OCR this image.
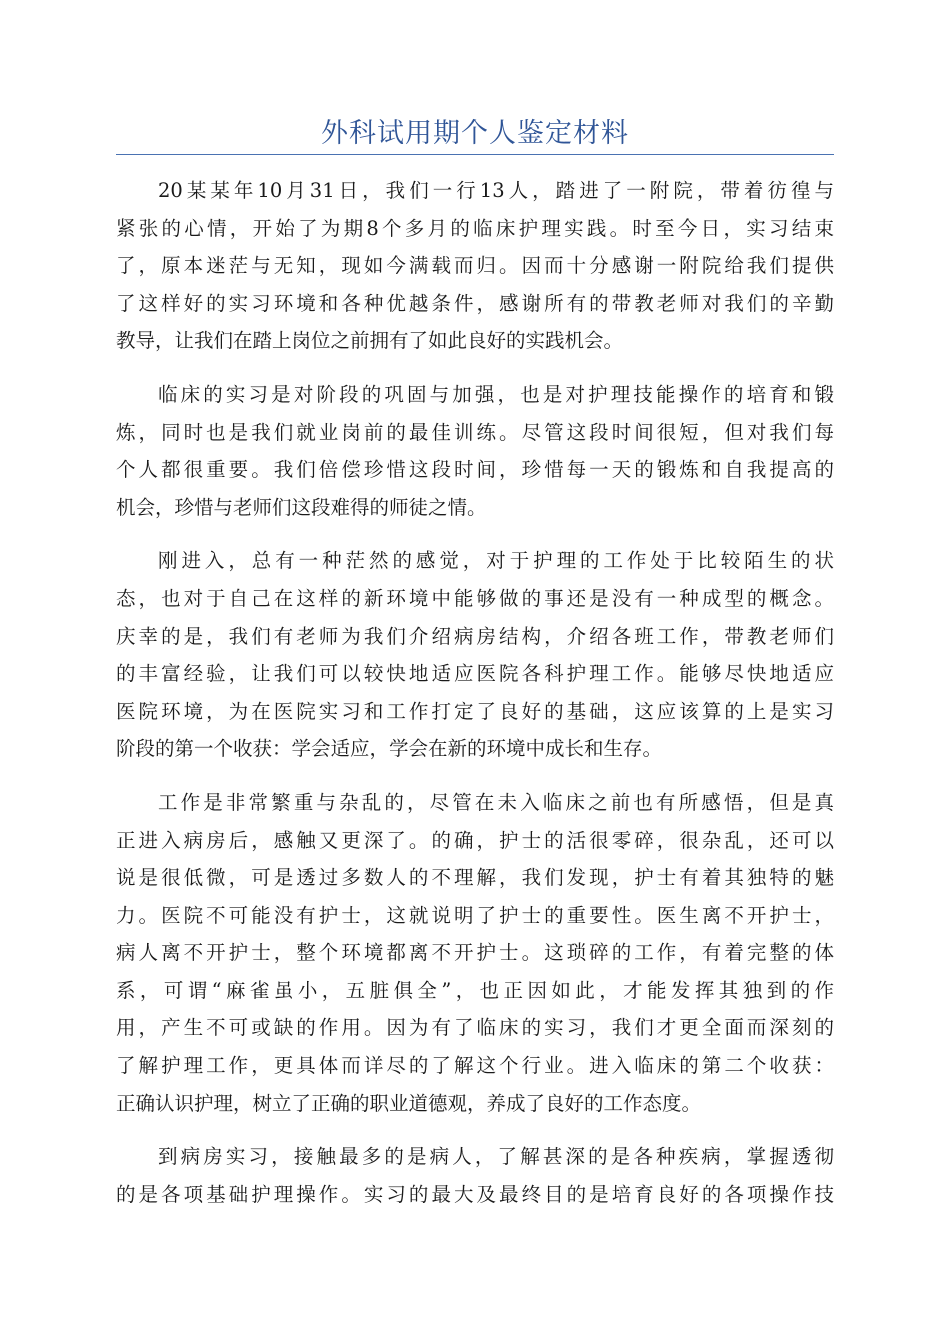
外科试用期个人鉴定材料
20某某年10月31日，我们一行13人，踏进了一附院，带着彷徨与
紧张的心情，开始了为期8个多月的临床护理实践。时至今日，实习结束
了，原本迷茫与无知，现如今满载而归。因而十分感谢一附院给我们提供
了这样好的实习环境和各种优越条件，感谢所有的带教老师对我们的辛勤
教导，让我们在踏上岗位之前拥有了如此良好的实践机会。
临床的实习是对阶段的巩固与加强，也是对护理技能操作的培育和锻
炼，同时也是我们就业岗前的最佳训练。尽管这段时间很短，但对我们每
个人都很重要。我们倍偿珍惜这段时间，珍惜每一天的锻炼和自我提高的
机会，珍惜与老师们这段难得的师徒之情。
刚进入，总有一种茫然的感觉，对于护理的工作处于比较陌生的状
态，也对于自己在这样的新环境中能够做的事还是没有一种成型的概念。
庆幸的是，我们有老师为我们介绍病房结构，介绍各班工作，带教老师们
的丰富经验，让我们可以较快地适应医院各科护理工作。能够尽快地适应
医院环境，为在医院实习和工作打定了良好的基础，这应该算的上是实习
阶段的第一个收获：学会适应，学会在新的环境中成长和生存。
工作是非常繁重与杂乱的，尽管在未入临床之前也有所感悟，但是真
正进入病房后，感触又更深了。的确，护士的活很零碎，很杂乱，还可以
说是很低微，可是透过多数人的不理解，我们发现，护士有着其独特的魅
力。医院不可能没有护士，这就说明了护士的重要性。医生离不开护士，
病人离不开护士，整个环境都离不开护士。这琐碎的工作，有着完整的体
系，可谓“麻雀虽小，五脏俱全”，也正因如此，才能发挥其独到的作
用，产生不可或缺的作用。因为有了临床的实习，我们才更全面而深刻的
了解护理工作，更具体而详尽的了解这个行业。进入临床的第二个收获：
正确认识护理，树立了正确的职业道德观，养成了良好的工作态度。
到病房实习，接触最多的是病人，了解甚深的是各种疾病，掌握透彻
的是各项基础护理操作。实习的最大及最终目的是培育良好的各项操作技
